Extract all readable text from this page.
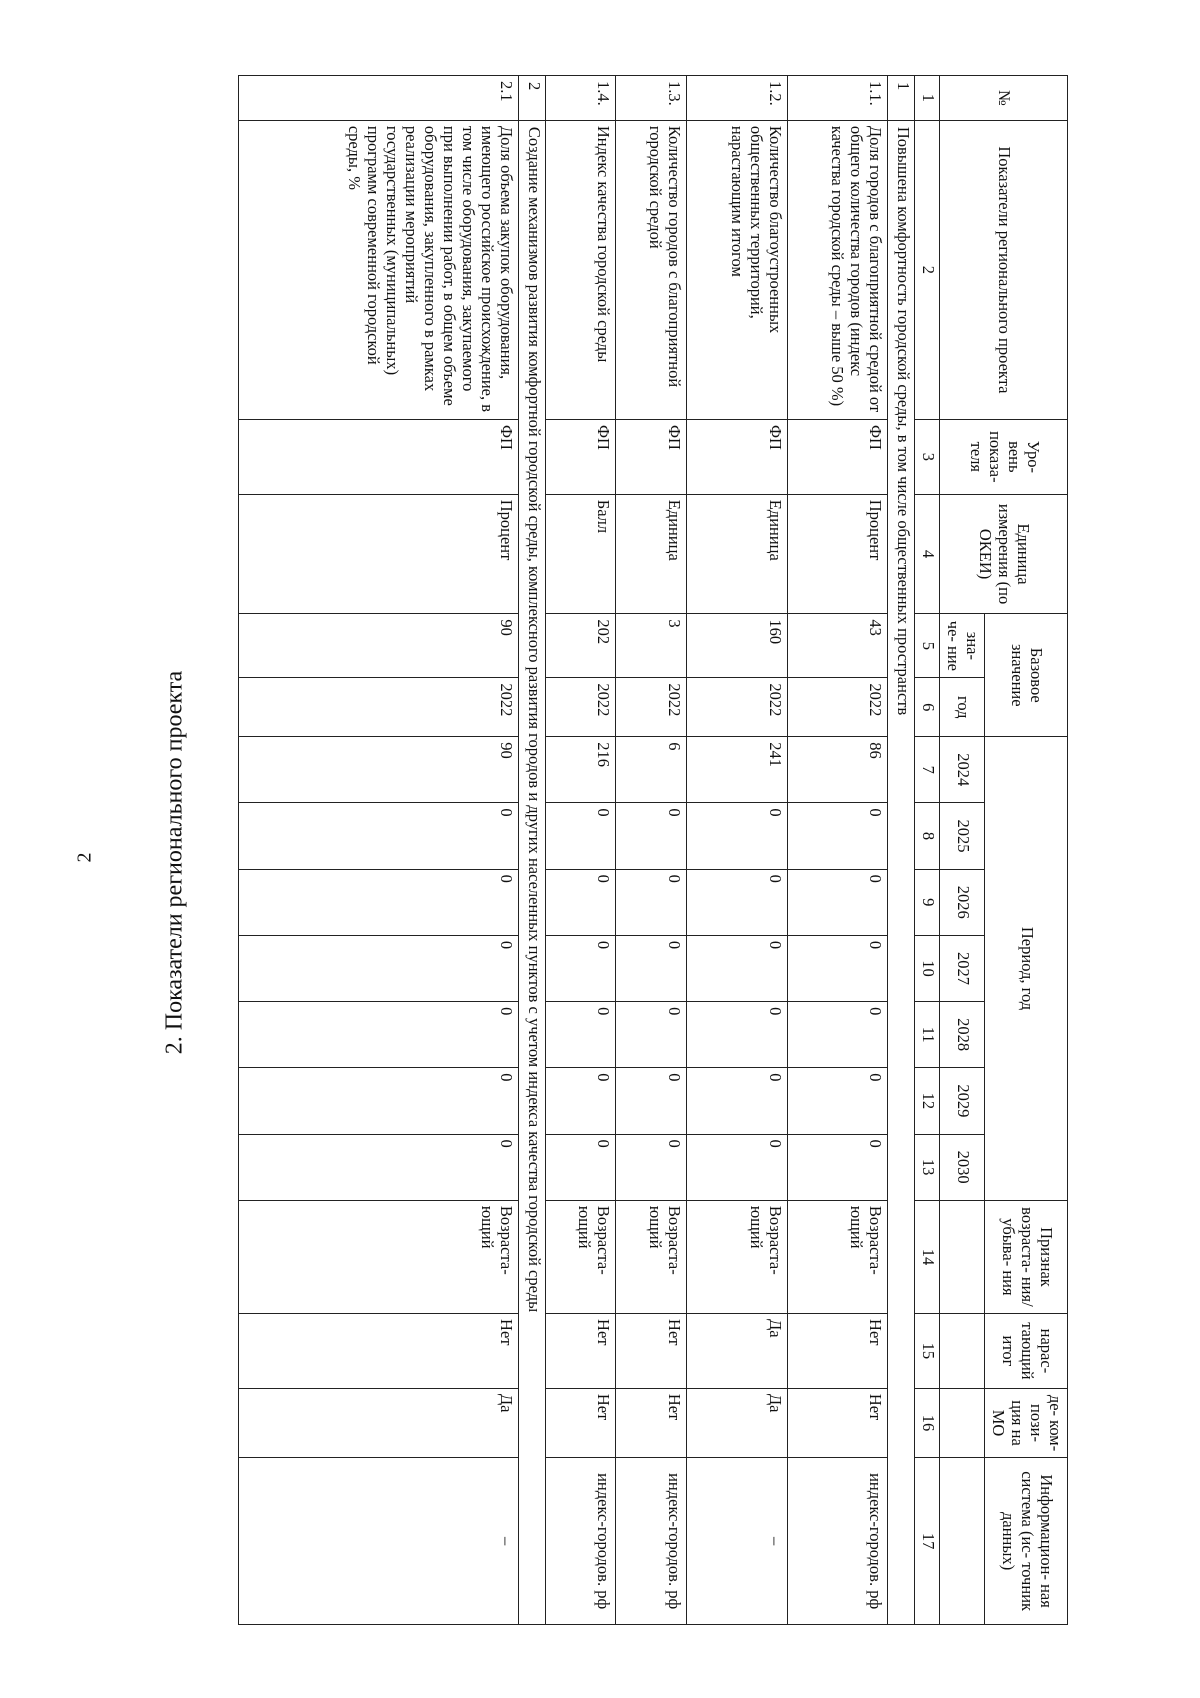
2	2. Показатели регионального проекта
№	Показатели регионального проекта	Уро- вень показа- теля	Единица измерения (по ОКЕИ)	Базовое значение		Период, год							Признак возраста- ния/убыва- ния	нарас- тающий итог	де- ком- пози- ция на МО	Информацион- ная система (ис- точник данных)
				зна- че- ние	год	2024	2025	2026	2027	2028	2029	2030				
1	2	3	4	5	6	7	8	9	10	11	12	13	14	15	16	17
1	Повышена комфортность городской среды, в том числе общественных пространств															
1.1.	Доля городов с благоприятной средой от общего количества городов (индекс качества городской среды – выше 50 %)	ФП	Процент	43	2022	86	0	0	0	0	0	0	Возраста- ющий	Нет	Нет	индекс-городов. рф
1.2.	Количество благоустроенных общественных территорий, нарастающим итогом	ФП	Единица	160	2022	241	0	0	0	0	0	0	Возраста- ющий	Да	Да	–
1.3.	Количество городов с благоприятной городской средой	ФП	Единица	3	2022	6	0	0	0	0	0	0	Возраста- ющий	Нет	Нет	индекс-городов. рф
1.4.	Индекс качества городской среды	ФП	Балл	202	2022	216	0	0	0	0	0	0	Возраста- ющий	Нет	Нет	индекс-городов. рф
2	Создание механизмов развития комфортной городской среды, комплексного развития городов и других населенных пунктов с учетом индекса качества городской среды															
2.1	Доля объема закупок оборудования, имеющего российское происхождение, в том числе оборудования, закупаемого при выполнении работ, в общем объеме оборудования, закупленного в рамках реализации мероприятий государственных (муниципальных) программ современной городской среды, %	ФП	Процент	90	2022	90	0	0	0	0	0	0	Возраста- ющий	Нет	Да	–
